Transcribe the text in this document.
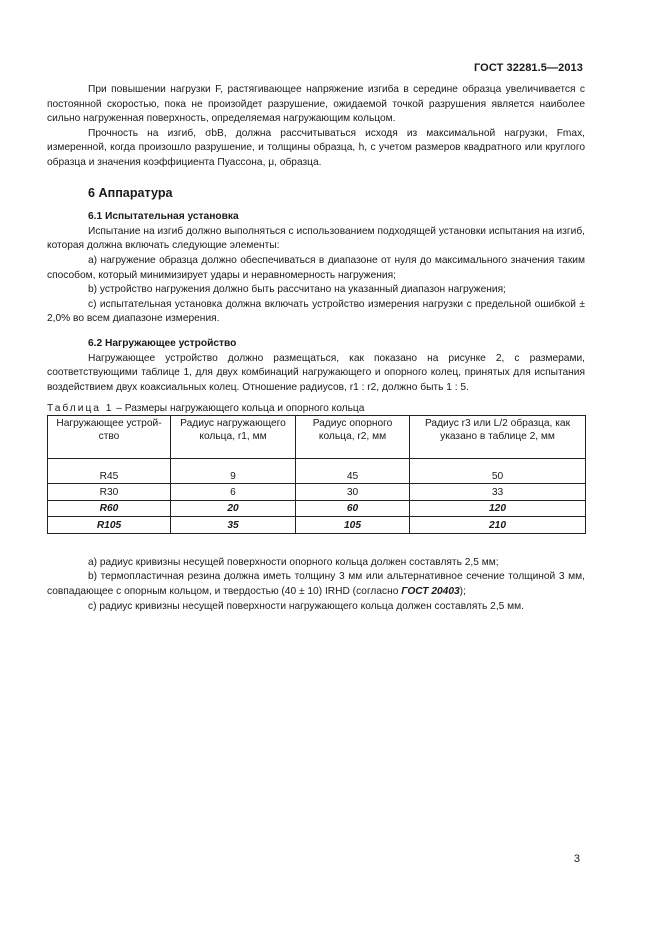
ГОСТ 32281.5—2013

При повышении нагрузки F, растягивающее напряжение изгиба в середине образца увеличивается с постоянной скоростью, пока не произойдет разрушение, ожидаемой точкой разрушения является наиболее сильно нагруженная поверхность, определяемая нагружающим кольцом.

Прочность на изгиб, σbB, должна рассчитываться исходя из максимальной нагрузки, Fmax, измеренной, когда произошло разрушение, и толщины образца, h, с учетом размеров квадратного или круглого образца и значения коэффициента Пуассона, μ, образца.

6 Аппаратура
6.1 Испытательная установка

Испытание на изгиб должно выполняться с использованием подходящей установки испытания на изгиб, которая должна включать следующие элементы:

а) нагружение образца должно обеспечиваться в диапазоне от нуля до максимального значения таким способом, который минимизирует удары и неравномерность нагружения;

b) устройство нагружения должно быть рассчитано на указанный диапазон нагружения;

с) испытательная установка должна включать устройство измерения нагрузки с предельной ошибкой ± 2,0% во всем диапазоне измерения.

6.2 Нагружающее устройство

Нагружающее устройство должно размещаться, как показано на рисунке 2, с размерами, соответствующими таблице 1, для двух комбинаций нагружающего и опорного колец, принятых для испытания воздействием двух коаксиальных колец. Отношение радиусов, r1 : r2, должно быть 1 : 5.

Таблица 1 – Размеры нагружающего кольца и опорного кольца
Нагружающее устрой-ство	Радиус нагружающего кольца, r1, мм	Радиус опорного кольца, r2, мм	Радиус r3 или L/2 образца, как указано в таблице 2, мм
R45	9	45	50
R30	6	30	33
R60	20	60	120
R105	35	105	210

а) радиус кривизны несущей поверхности опорного кольца должен составлять 2,5 мм;

b) термопластичная резина должна иметь толщину 3 мм или альтернативное сечение толщиной 3 мм, совпадающее с опорным кольцом, и твердостью (40 ± 10) IRHD (согласно ГОСТ 20403);

с) радиус кривизны несущей поверхности нагружающего кольца должен составлять 2,5 мм.

3
